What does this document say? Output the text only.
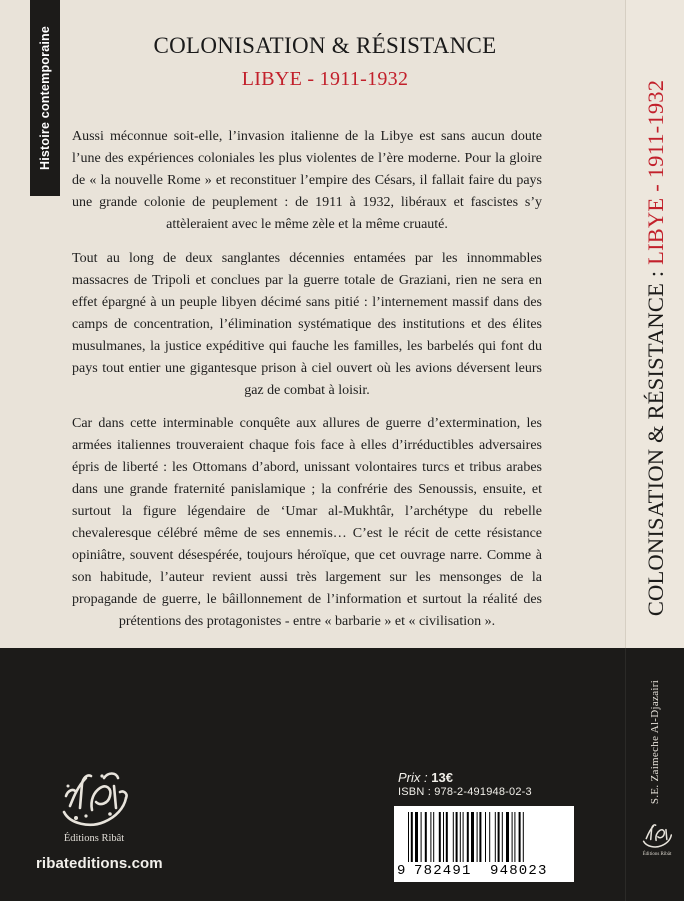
Histoire contemporaine	COLONISATION & RÉSISTANCE
LIBYE - 1911-1932

Aussi méconnue soit-elle, l’invasion italienne de la Libye est sans aucun doute l’une des expériences coloniales les plus violentes de l’ère moderne. Pour la gloire de « la nouvelle Rome » et reconstituer l’empire des Césars, il fallait faire du pays une grande colonie de peuplement : de 1911 à 1932, libéraux et fascistes s’y attèleraient avec le même zèle et la même cruauté.

Tout au long de deux sanglantes décennies entamées par les innommables massacres de Tripoli et conclues par la guerre totale de Graziani, rien ne sera en effet épargné à un peuple libyen décimé sans pitié : l’internement massif dans des camps de concentration, l’élimination systématique des institutions et des élites musulmanes, la justice expéditive qui fauche les familles, les barbelés qui font du pays tout entier une gigantesque prison à ciel ouvert où les avions déversent leurs gaz de combat à loisir.

Car dans cette interminable conquête aux allures de guerre d’extermination, les armées italiennes trouveraient chaque fois face à elles d’irréductibles adversaires épris de liberté : les Ottomans d’abord, unissant volontaires turcs et tribus arabes dans une grande fraternité panislamique ; la confrérie des Senoussis, ensuite, et surtout la figure légendaire de ‘Umar al-Mukhtâr, l’archétype du rebelle chevaleresque célébré même de ses ennemis… C’est le récit de cette résistance opiniâtre, souvent désespérée, toujours héroïque, que cet ouvrage narre. Comme à son habitude, l’auteur revient aussi très largement sur les mensonges de la propagande de guerre, le bâillonnement de l’information et surtout la réalité des prétentions des protagonistes - entre « barbarie » et « civilisation ».

COLONISATION & RÉSISTANCE : LIBYE - 1911-1932
S.E. Zaimeche Al-Djazairi
Éditions Ribât
ribateditions.com
Éditions Ribât
Prix : 13€
ISBN : 978-2-491948-02-3
9 782491 948023
